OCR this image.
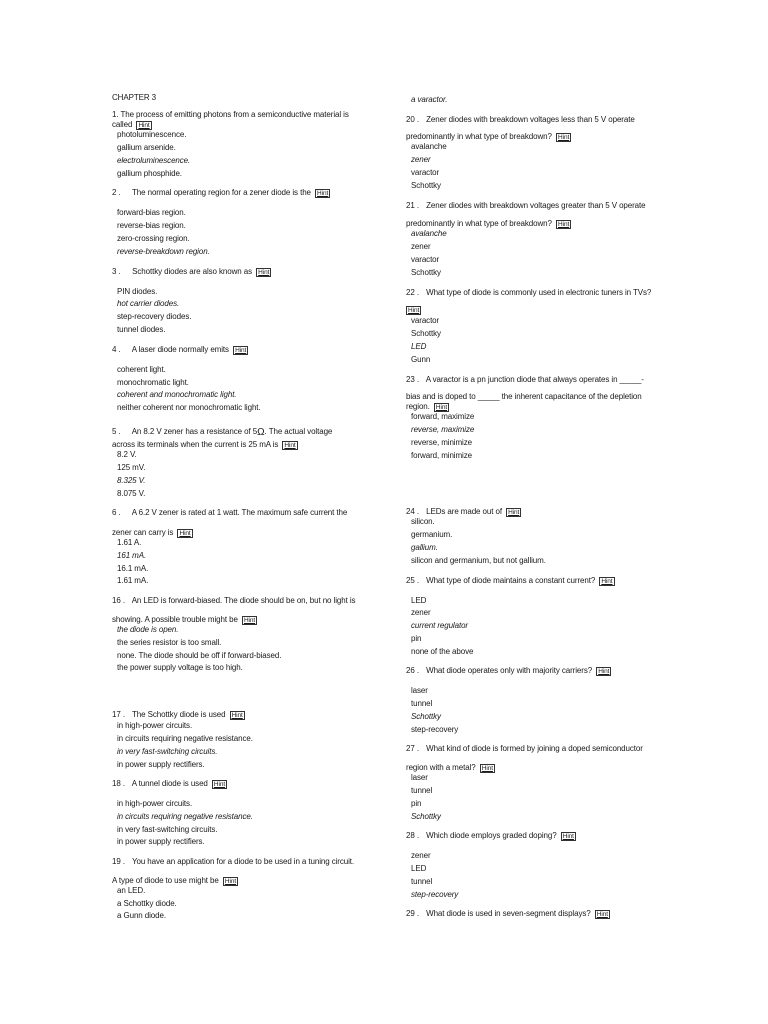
CHAPTER 3
1. The process of emitting photons from a semiconductive material is
called Hint
photoluminescence.
gallium arsenide.
electroluminescence.
gallium phosphide.
2 . The normal operating region for a zener diode is the Hint
forward-bias region.
reverse-bias region.
zero-crossing region.
reverse-breakdown region.
3 . Schottky diodes are also known as Hint
PIN diodes.
hot carrier diodes.
step-recovery diodes.
tunnel diodes.
4 . A laser diode normally emits Hint
coherent light.
monochromatic light.
coherent and monochromatic light.
neither coherent nor monochromatic light.
5 . An 8.2 V zener has a resistance of 5Ω. The actual voltage
across its terminals when the current is 25 mA is Hint
8.2 V.
125 mV.
8.325 V.
8.075 V.
6 . A 6.2 V zener is rated at 1 watt. The maximum safe current the
zener can carry is Hint
1.61 A.
161 mA.
16.1 mA.
1.61 mA.
16 . An LED is forward-biased. The diode should be on, but no light is
showing. A possible trouble might be Hint
the diode is open.
the series resistor is too small.
none. The diode should be off if forward-biased.
the power supply voltage is too high.
17 . The Schottky diode is used Hint
in high-power circuits.
in circuits requiring negative resistance.
in very fast-switching circuits.
in power supply rectifiers.
18 . A tunnel diode is used Hint
in high-power circuits.
in circuits requiring negative resistance.
in very fast-switching circuits.
in power supply rectifiers.
19 . You have an application for a diode to be used in a tuning circuit.
A type of diode to use might be Hint
an LED.
a Schottky diode.
a Gunn diode.
a varactor.
20 . Zener diodes with breakdown voltages less than 5 V operate
predominantly in what type of breakdown? Hint
avalanche
zener
varactor
Schottky
21 . Zener diodes with breakdown voltages greater than 5 V operate
predominantly in what type of breakdown? Hint
avalanche
zener
varactor
Schottky
22 . What type of diode is commonly used in electronic tuners in TVs?
Hint
varactor
Schottky
LED
Gunn
23 . A varactor is a pn junction diode that always operates in _____-
bias and is doped to _____ the inherent capacitance of the depletion
region. Hint
forward, maximize
reverse, maximize
reverse, minimize
forward, minimize
24 . LEDs are made out of Hint
silicon.
germanium.
gallium.
silicon and germanium, but not gallium.
25 . What type of diode maintains a constant current? Hint
LED
zener
current regulator
pin
none of the above
26 . What diode operates only with majority carriers? Hint
laser
tunnel
Schottky
step-recovery
27 . What kind of diode is formed by joining a doped semiconductor
region with a metal? Hint
laser
tunnel
pin
Schottky
28 . Which diode employs graded doping? Hint
zener
LED
tunnel
step-recovery
29 . What diode is used in seven-segment displays? Hint
